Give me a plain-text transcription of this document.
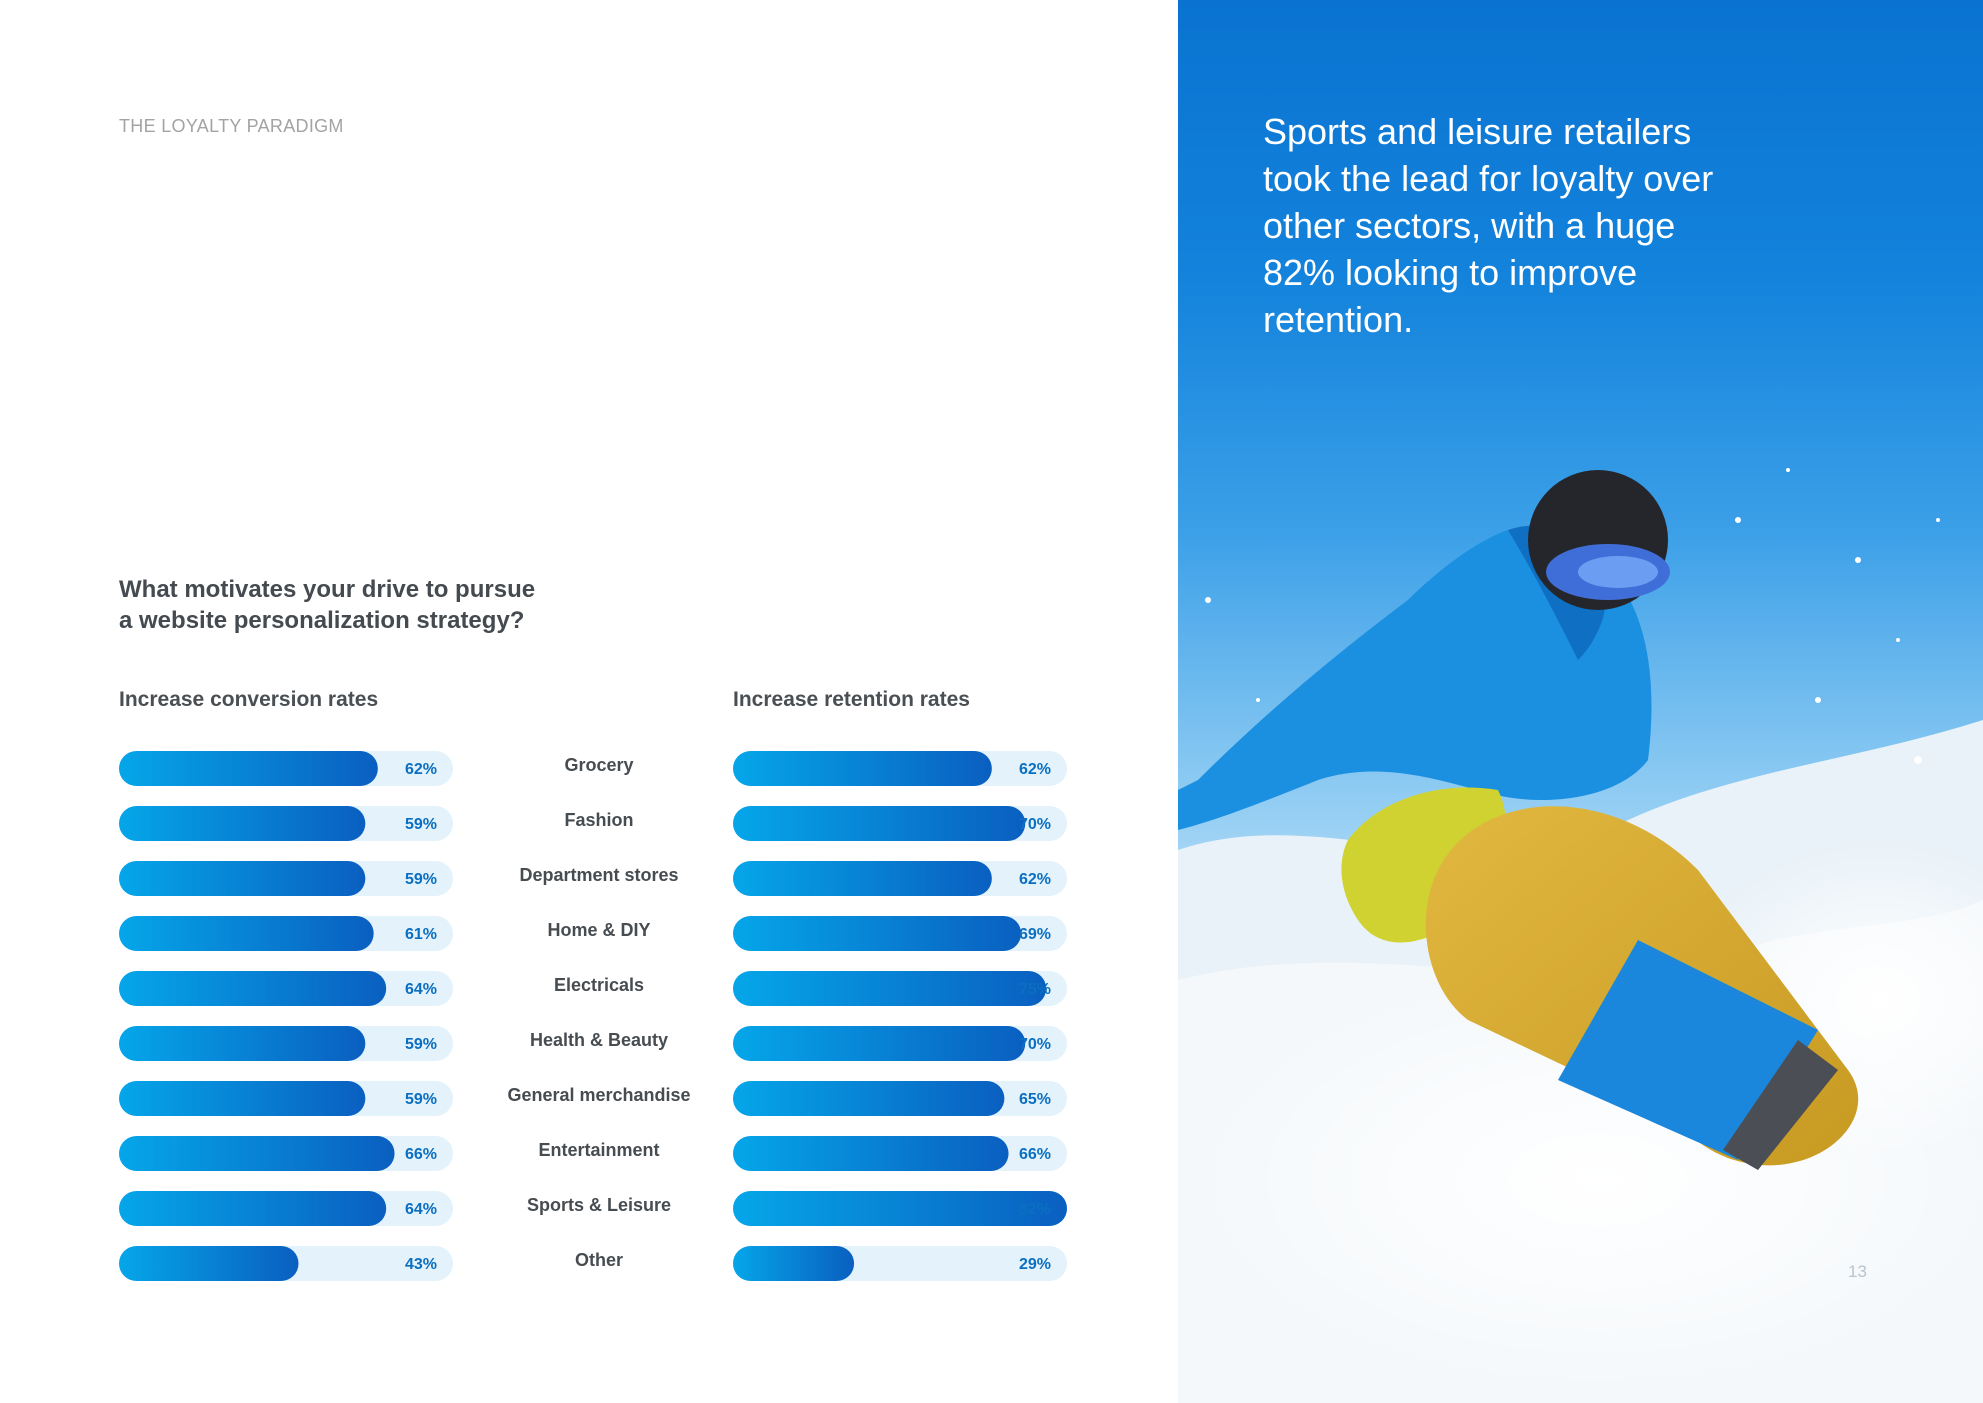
THE LOYALTY PARADIGM
What motivates your drive to pursue
a website personalization strategy?
Increase conversion rates	Increase retention rates
Grocery
62%	62%
Fashion
59%	70%
Department stores
59%	62%
Home & DIY
61%	69%
Electricals
64%	75%
Health & Beauty
59%	70%
General merchandise
59%	65%
Entertainment
66%	66%
Sports & Leisure
64%	82%
Other
43%	29%
Sports and leisure retailers took the lead for loyalty over other sectors, with a huge 82% looking to improve retention.
13
